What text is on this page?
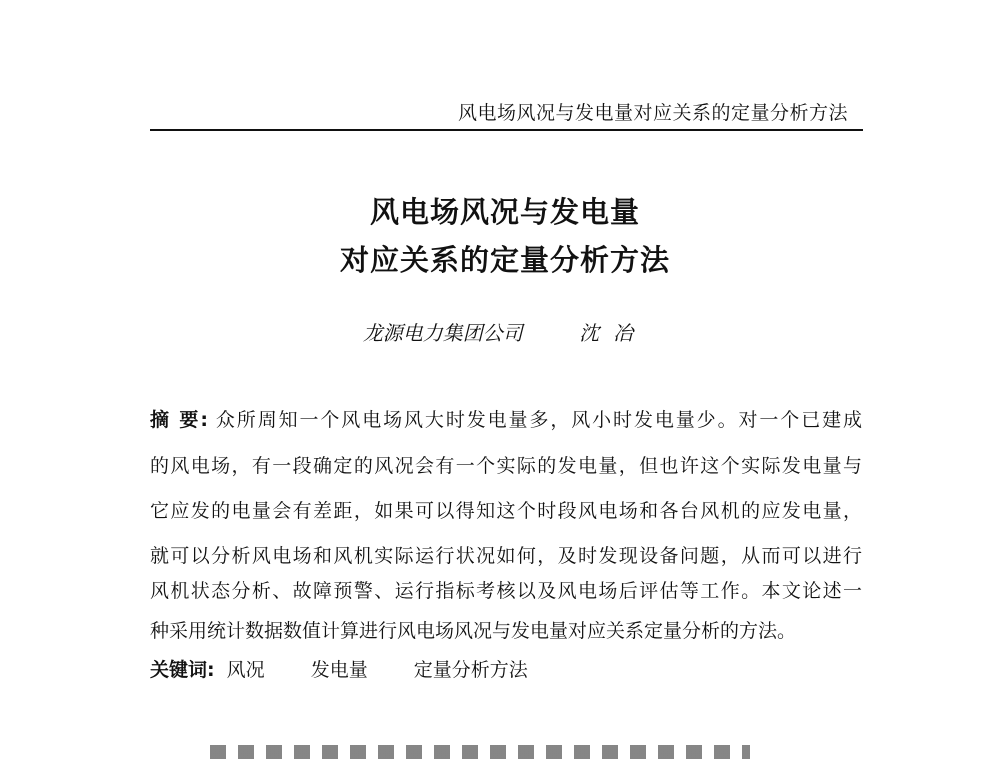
风电场风况与发电量对应关系的定量分析方法
风电场风况与发电量
对应关系的定量分析方法
龙源电力集团公司	沈冶
摘 要: 众所周知一个风电场风大时发电量多，风小时发电量少。对一个已建成
的风电场，有一段确定的风况会有一个实际的发电量，但也许这个实际发电量与
它应发的电量会有差距，如果可以得知这个时段风电场和各台风机的应发电量，
就可以分析风电场和风机实际运行状况如何，及时发现设备问题，从而可以进行
风机状态分析、故障预警、运行指标考核以及风电场后评估等工作。本文论述一
种采用统计数据数值计算进行风电场风况与发电量对应关系定量分析的方法。
关键词: 风况 发电量 定量分析方法
